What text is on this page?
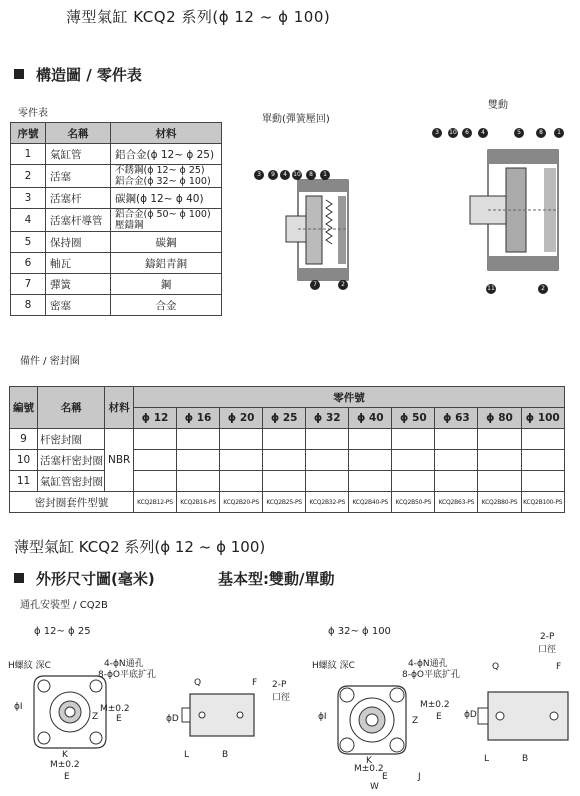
薄型氣缸 KCQ2 系列(ϕ 12 ~ ϕ 100)
構造圖 / 零件表
零件表
序號	名稱	材料
1	氣缸管	鋁合金(ϕ 12~ ϕ 25)
2	活塞	不銹鋼(ϕ 12~ ϕ 25)
鋁合金(ϕ 32~ ϕ 100)

3	活塞杆	碳鋼(ϕ 12~ ϕ 40)
4	活塞杆導管	鋁合金(ϕ 50~ ϕ 100)
壓鑄鋼

5	保持圈	碳鋼
6	軸瓦	鑄鋁青銅
7	彈簧	鋼
8	密塞	合金
單動(彈簧壓回)
3	9	4	10	8	1
7	2
雙動
3	10	6	4	5	8	1
11	2
備件 / 密封圈
編號	名稱	材料	零件號									
			ϕ 12	ϕ 16	ϕ 20	ϕ 25	ϕ 32	ϕ 40	ϕ 50	ϕ 63	ϕ 80	ϕ 100
9	杆密封圈	NBR										
10	活塞杆密封圈											
11	氣缸管密封圈											
密封圈套件型號			KCQ2B12-PS	KCQ2B16-PS	KCQ2B20-PS	KCQ2B25-PS	KCQ2B32-PS	KCQ2B40-PS	KCQ2B50-PS	KCQ2B63-PS	KCQ2B80-PS	KCQ2B100-PS
薄型氣缸 KCQ2 系列(ϕ 12 ~ ϕ 100)
外形尺寸圖(毫米)	基本型:雙動/單動
通孔安裝型 / CQ2B
ϕ 12~ ϕ 25	ϕ 32~ ϕ 100
H螺紋 深C	4-ϕN通孔
8-ϕO平底扩孔
ϕI
Z
M±0.2
E
K
M±0.2
E
Q	F 2-P
口徑
ϕD
L	B
H螺紋 深C	4-ϕN通孔
8-ϕO平底扩孔
ϕI	Z
M±0.2
E
K
M±0.2
E
W
J
Q	F
2-P
口徑
ϕD
L	B
